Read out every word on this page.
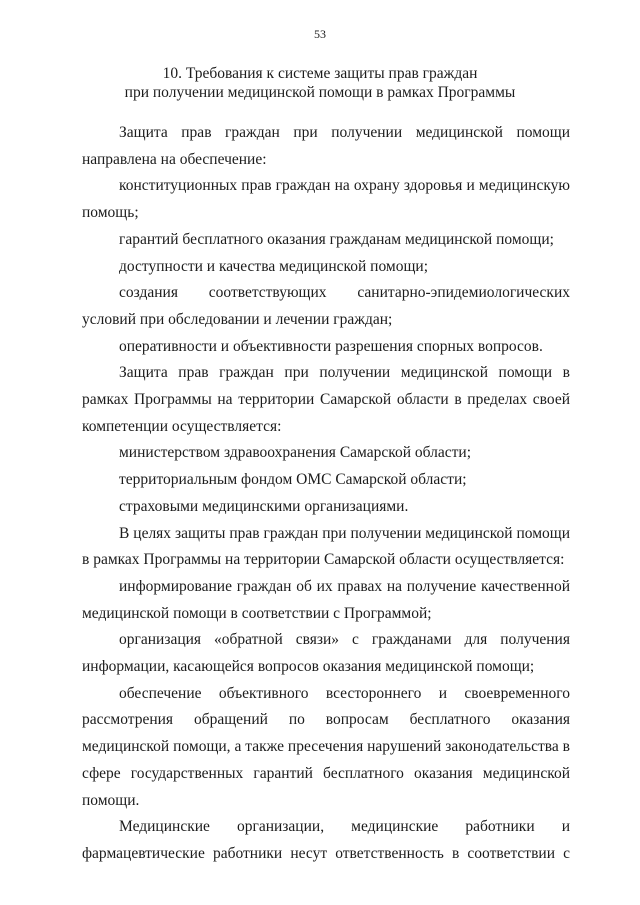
53
10. Требования к системе защиты прав граждан
при получении медицинской помощи в рамках Программы

Защита прав граждан при получении медицинской помощи направлена на обеспечение:

конституционных прав граждан на охрану здоровья и медицинскую помощь;

гарантий бесплатного оказания гражданам медицинской помощи;

доступности и качества медицинской помощи;

создания соответствующих санитарно-эпидемиологических условий при обследовании и лечении граждан;

оперативности и объективности разрешения спорных вопросов.

Защита прав граждан при получении медицинской помощи в рамках Программы на территории Самарской области в пределах своей компетенции осуществляется:

министерством здравоохранения Самарской области;

территориальным фондом ОМС Самарской области;

страховыми медицинскими организациями.

В целях защиты прав граждан при получении медицинской помощи в рамках Программы на территории Самарской области осуществляется:

информирование граждан об их правах на получение качественной медицинской помощи в соответствии с Программой;

организация «обратной связи» с гражданами для получения информации, касающейся вопросов оказания медицинской помощи;

обеспечение объективного всестороннего и своевременного рассмотрения обращений по вопросам бесплатного оказания медицинской помощи, а также пресечения нарушений законодательства в сфере государственных гарантий бесплатного оказания медицинской помощи.

Медицинские организации, медицинские работники и фармацевтические работники несут ответственность в соответствии с
